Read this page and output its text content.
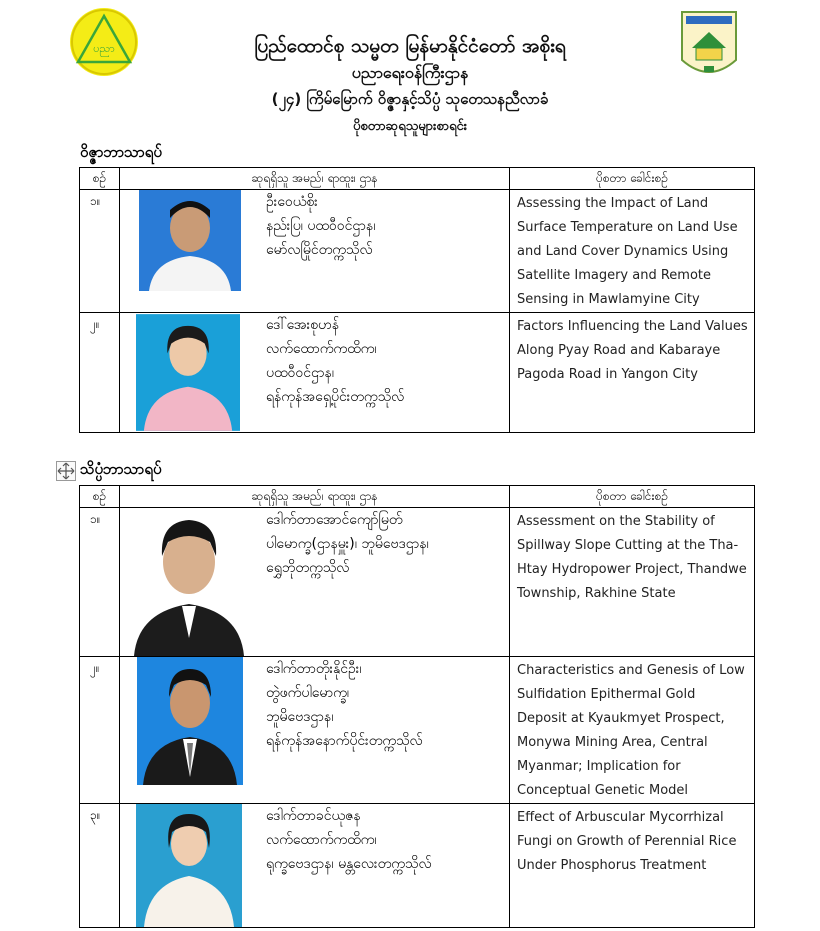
ပညာ	ပြည်ထောင်စု သမ္မတ မြန်မာနိုင်ငံတော် အစိုးရ
ပညာရေးဝန်ကြီးဌာန
(၂၄) ကြိမ်မြောက် ဝိဇ္ဇာနှင့်သိပ္ပံ သုတေသနညီလာခံ
ပိုစတာဆုရသူများစာရင်း
ဝိဇ္ဇာဘာသာရပ်
စဉ်	ဆုရရှိသူ အမည်၊ ရာထူး၊ ဌာန	ပိုစတာ ခေါင်းစဉ်
၁။	ဦးဝေယံစိုး
နည်းပြ၊ ပထဝီဝင်ဌာန၊
မော်လမြိုင်တက္ကသိုလ်	Assessing the Impact of Land Surface Temperature on Land Use and Land Cover Dynamics Using Satellite Imagery and Remote Sensing in Mawlamyine City
၂။	ဒေါ်အေးစုဟန်
လက်ထောက်ကထိက၊
ပထဝီဝင်ဌာန၊
ရန်ကုန်အရှေ့ပိုင်းတက္ကသိုလ်	Factors Influencing the Land Values Along Pyay Road and Kabaraye Pagoda Road in Yangon City
သိပ္ပံဘာသာရပ်
စဉ်	ဆုရရှိသူ အမည်၊ ရာထူး၊ ဌာန	ပိုစတာ ခေါင်းစဉ်
၁။	ဒေါက်တာအောင်ကျော်မြတ်
ပါမောက္ခ(ဌာနမှူး)၊ ဘူမိဗေဒဌာန၊
ရွှေဘိုတက္ကသိုလ်	Assessment on the Stability of Spillway Slope Cutting at the Tha-Htay Hydropower Project, Thandwe Township, Rakhine State
၂။	ဒေါက်တာတိုးနိုင်ဦး၊
တွဲဖက်ပါမောက္ခ၊
ဘူမိဗေဒဌာန၊
ရန်ကုန်အနောက်ပိုင်းတက္ကသိုလ်	Characteristics and Genesis of Low Sulfidation Epithermal Gold Deposit at Kyaukmyet Prospect, Monywa Mining Area, Central Myanmar; Implication for Conceptual Genetic Model
၃။	ဒေါက်တာခင်ယုဇန
လက်ထောက်ကထိက၊
ရုက္ခဗေဒဌာန၊ မန္တလေးတက္ကသိုလ်	Effect of Arbuscular Mycorrhizal Fungi on Growth of Perennial Rice Under Phosphorus Treatment
